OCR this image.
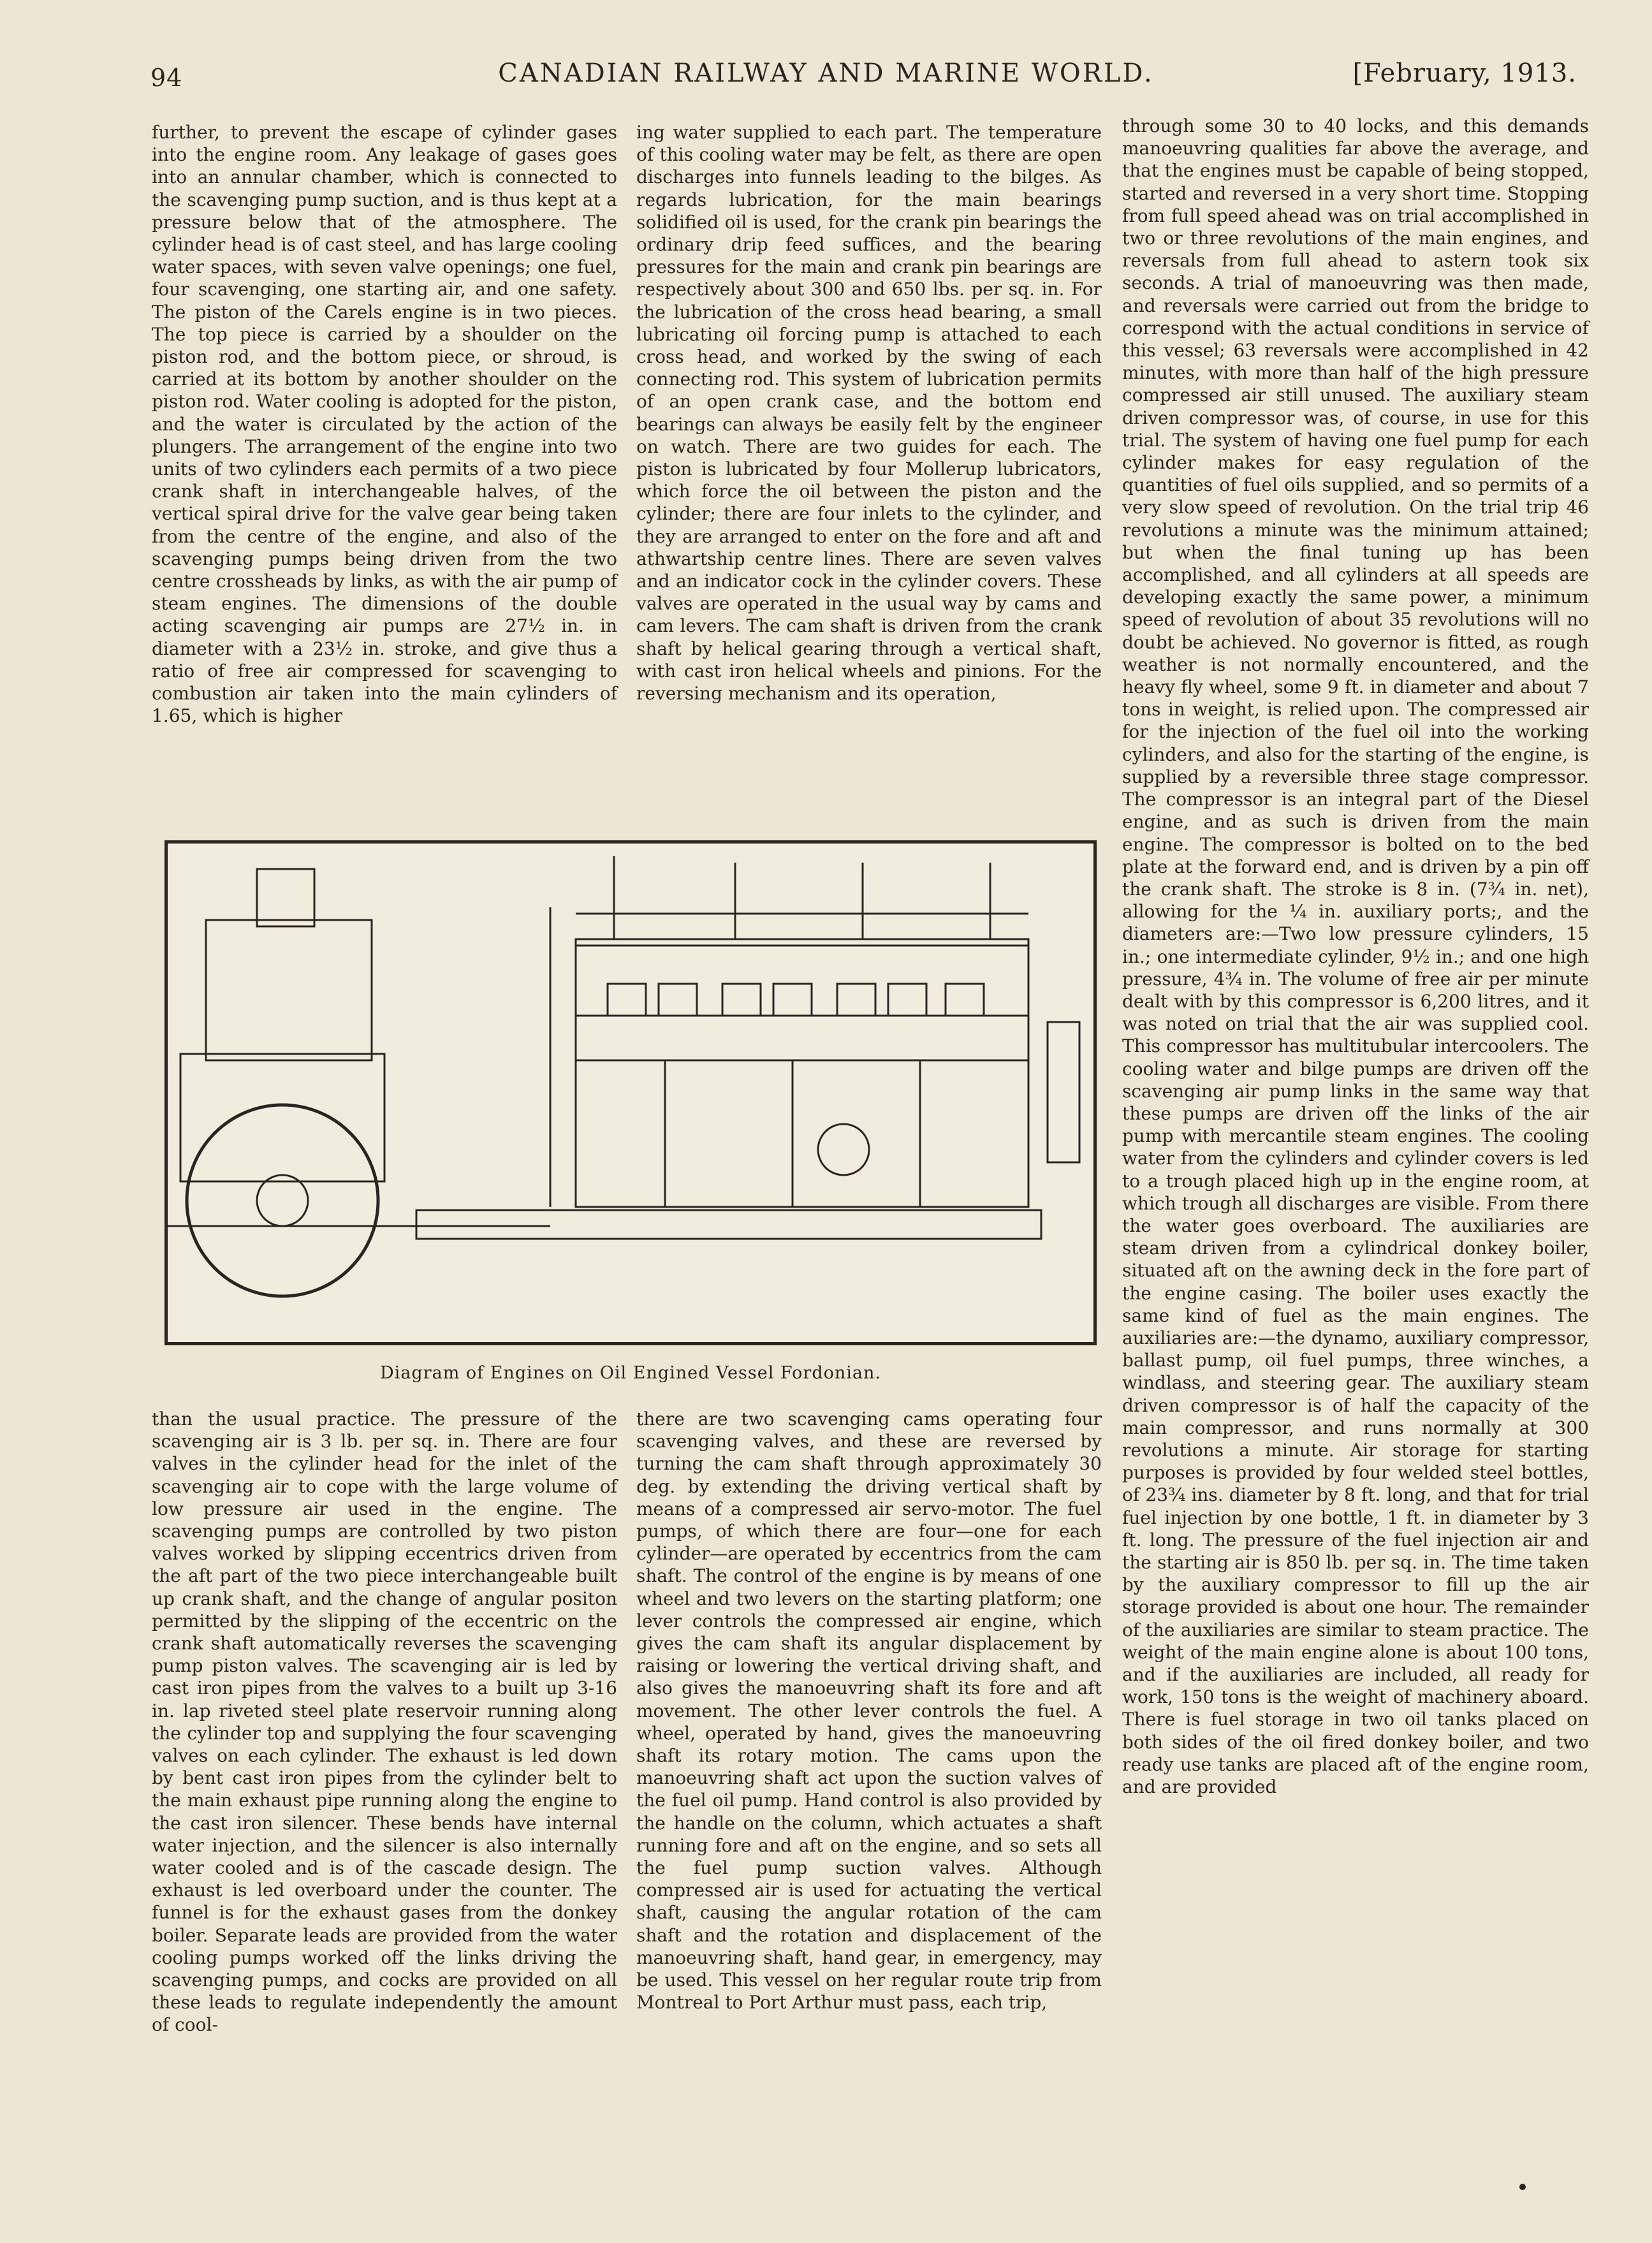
94	CANADIAN RAILWAY AND MARINE WORLD.	[February, 1913.

further, to prevent the escape of cylinder gases into the engine room. Any leakage of gases goes into an annular chamber, which is connected to the scavenging pump suction, and is thus kept at a pressure below that of the atmosphere. The cylinder head is of cast steel, and has large cooling water spaces, with seven valve openings; one fuel, four scavenging, one starting air, and one safety. The piston of the Carels engine is in two pieces. The top piece is carried by a shoulder on the piston rod, and the bottom piece, or shroud, is carried at its bottom by another shoulder on the piston rod. Water cooling is adopted for the piston, and the water is circulated by the action of the plungers. The arrangement of the engine into two units of two cylinders each permits of a two piece crank shaft in interchangeable halves, of the vertical spiral drive for the valve gear being taken from the centre of the engine, and also of the scavenging pumps being driven from the two centre crossheads by links, as with the air pump of steam engines. The dimensions of the double acting scavenging air pumps are 27½ in. in diameter with a 23½ in. stroke, and give thus a ratio of free air compressed for scavenging to combustion air taken into the main cylinders of 1.65, which is higher

ing water supplied to each part. The temperature of this cooling water may be felt, as there are open discharges into funnels leading to the bilges. As regards lubrication, for the main bearings solidified oil is used, for the crank pin bearings the ordinary drip feed suffices, and the bearing pressures for the main and crank pin bearings are respectively about 300 and 650 lbs. per sq. in. For the lubrication of the cross head bearing, a small lubricating oil forcing pump is attached to each cross head, and worked by the swing of each connecting rod. This system of lubrication permits of an open crank case, and the bottom end bearings can always be easily felt by the engineer on watch. There are two guides for each. The piston is lubricated by four Mollerup lubricators, which force the oil between the piston and the cylinder; there are four inlets to the cylinder, and they are arranged to enter on the fore and aft and athwartship centre lines. There are seven valves and an indicator cock in the cylinder covers. These valves are operated in the usual way by cams and cam levers. The cam shaft is driven from the crank shaft by helical gearing through a vertical shaft, with cast iron helical wheels and pinions. For the reversing mechanism and its operation,

through some 30 to 40 locks, and this demands manoeuvring qualities far above the average, and that the engines must be capable of being stopped, started and reversed in a very short time. Stopping from full speed ahead was on trial accomplished in two or three revolutions of the main engines, and reversals from full ahead to astern took six seconds. A trial of manoeuvring was then made, and reversals were carried out from the bridge to correspond with the actual conditions in service of this vessel; 63 reversals were accomplished in 42 minutes, with more than half of the high pressure compressed air still unused. The auxiliary steam driven compressor was, of course, in use for this trial. The system of having one fuel pump for each cylinder makes for easy regulation of the quantities of fuel oils supplied, and so permits of a very slow speed of revolution. On the trial trip 46 revolutions a minute was the minimum attained; but when the final tuning up has been accomplished, and all cylinders at all speeds are developing exactly the same power, a minimum speed of revolution of about 35 revolutions will no doubt be achieved. No governor is fitted, as rough weather is not normally encountered, and the heavy fly wheel, some 9 ft. in diameter and about 7 tons in weight, is relied upon. The compressed air for the injection of the fuel oil into the working cylinders, and also for the starting of the engine, is supplied by a reversible three stage compressor. The compressor is an integral part of the Diesel engine, and as such is driven from the main engine. The compressor is bolted on to the bed plate at the forward end, and is driven by a pin off the crank shaft. The stroke is 8 in. (7¾ in. net), allowing for the ¼ in. auxiliary ports;, and the diameters are:—Two low pressure cylinders, 15 in.; one intermediate cylinder, 9½ in.; and one high pressure, 4¾ in. The volume of free air per minute dealt with by this compressor is 6,200 litres, and it was noted on trial that the air was supplied cool. This compressor has multitubular intercoolers. The cooling water and bilge pumps are driven off the scavenging air pump links in the same way that these pumps are driven off the links of the air pump with mercantile steam engines. The cooling water from the cylinders and cylinder covers is led to a trough placed high up in the engine room, at which trough all discharges are visible. From there the water goes overboard. The auxiliaries are steam driven from a cylindrical donkey boiler, situated aft on the awning deck in the fore part of the engine casing. The boiler uses exactly the same kind of fuel as the main engines. The auxiliaries are:—the dynamo, auxiliary compressor, ballast pump, oil fuel pumps, three winches, a windlass, and steering gear. The auxiliary steam driven compressor is of half the capacity of the main compressor, and runs normally at 300 revolutions a minute. Air storage for starting purposes is provided by four welded steel bottles, of 23¾ ins. diameter by 8 ft. long, and that for trial fuel injection by one bottle, 1 ft. in diameter by 3 ft. long. The pressure of the fuel injection air and the starting air is 850 lb. per sq. in. The time taken by the auxiliary compressor to fill up the air storage provided is about one hour. The remainder of the auxiliaries are similar to steam practice. The weight of the main engine alone is about 100 tons, and if the auxiliaries are included, all ready for work, 150 tons is the weight of machinery aboard. There is fuel storage in two oil tanks placed on both sides of the oil fired donkey boiler, and two ready use tanks are placed aft of the engine room, and are provided

Diagram of Engines on Oil Engined Vessel Fordonian.

than the usual practice. The pressure of the scavenging air is 3 lb. per sq. in. There are four valves in the cylinder head for the inlet of the scavenging air to cope with the large volume of low pressure air used in the engine. The scavenging pumps are controlled by two piston valves worked by slipping eccentrics driven from the aft part of the two piece interchangeable built up crank shaft, and the change of angular positon permitted by the slipping of the eccentric on the crank shaft automatically reverses the scavenging pump piston valves. The scavenging air is led by cast iron pipes from the valves to a built up 3-16 in. lap riveted steel plate reservoir running along the cylinder top and supplying the four scavenging valves on each cylinder. The exhaust is led down by bent cast iron pipes from the cylinder belt to the main exhaust pipe running along the engine to the cast iron silencer. These bends have internal water injection, and the silencer is also internally water cooled and is of the cascade design. The exhaust is led overboard under the counter. The funnel is for the exhaust gases from the donkey boiler. Separate leads are provided from the water cooling pumps worked off the links driving the scavenging pumps, and cocks are provided on all these leads to regulate independently the amount of cool-

there are two scavenging cams operating four scavenging valves, and these are reversed by turning the cam shaft through approximately 30 deg. by extending the driving vertical shaft by means of a compressed air servo-motor. The fuel pumps, of which there are four—one for each cylinder—are operated by eccentrics from the cam shaft. The control of the engine is by means of one wheel and two levers on the starting platform; one lever controls the compressed air engine, which gives the cam shaft its angular displacement by raising or lowering the vertical driving shaft, and also gives the manoeuvring shaft its fore and aft movement. The other lever controls the fuel. A wheel, operated by hand, gives the manoeuvring shaft its rotary motion. The cams upon the manoeuvring shaft act upon the suction valves of the fuel oil pump. Hand control is also provided by the handle on the column, which actuates a shaft running fore and aft on the engine, and so sets all the fuel pump suction valves. Although compressed air is used for actuating the vertical shaft, causing the angular rotation of the cam shaft and the rotation and displacement of the manoeuvring shaft, hand gear, in emergency, may be used. This vessel on her regular route trip from Montreal to Port Arthur must pass, each trip,
